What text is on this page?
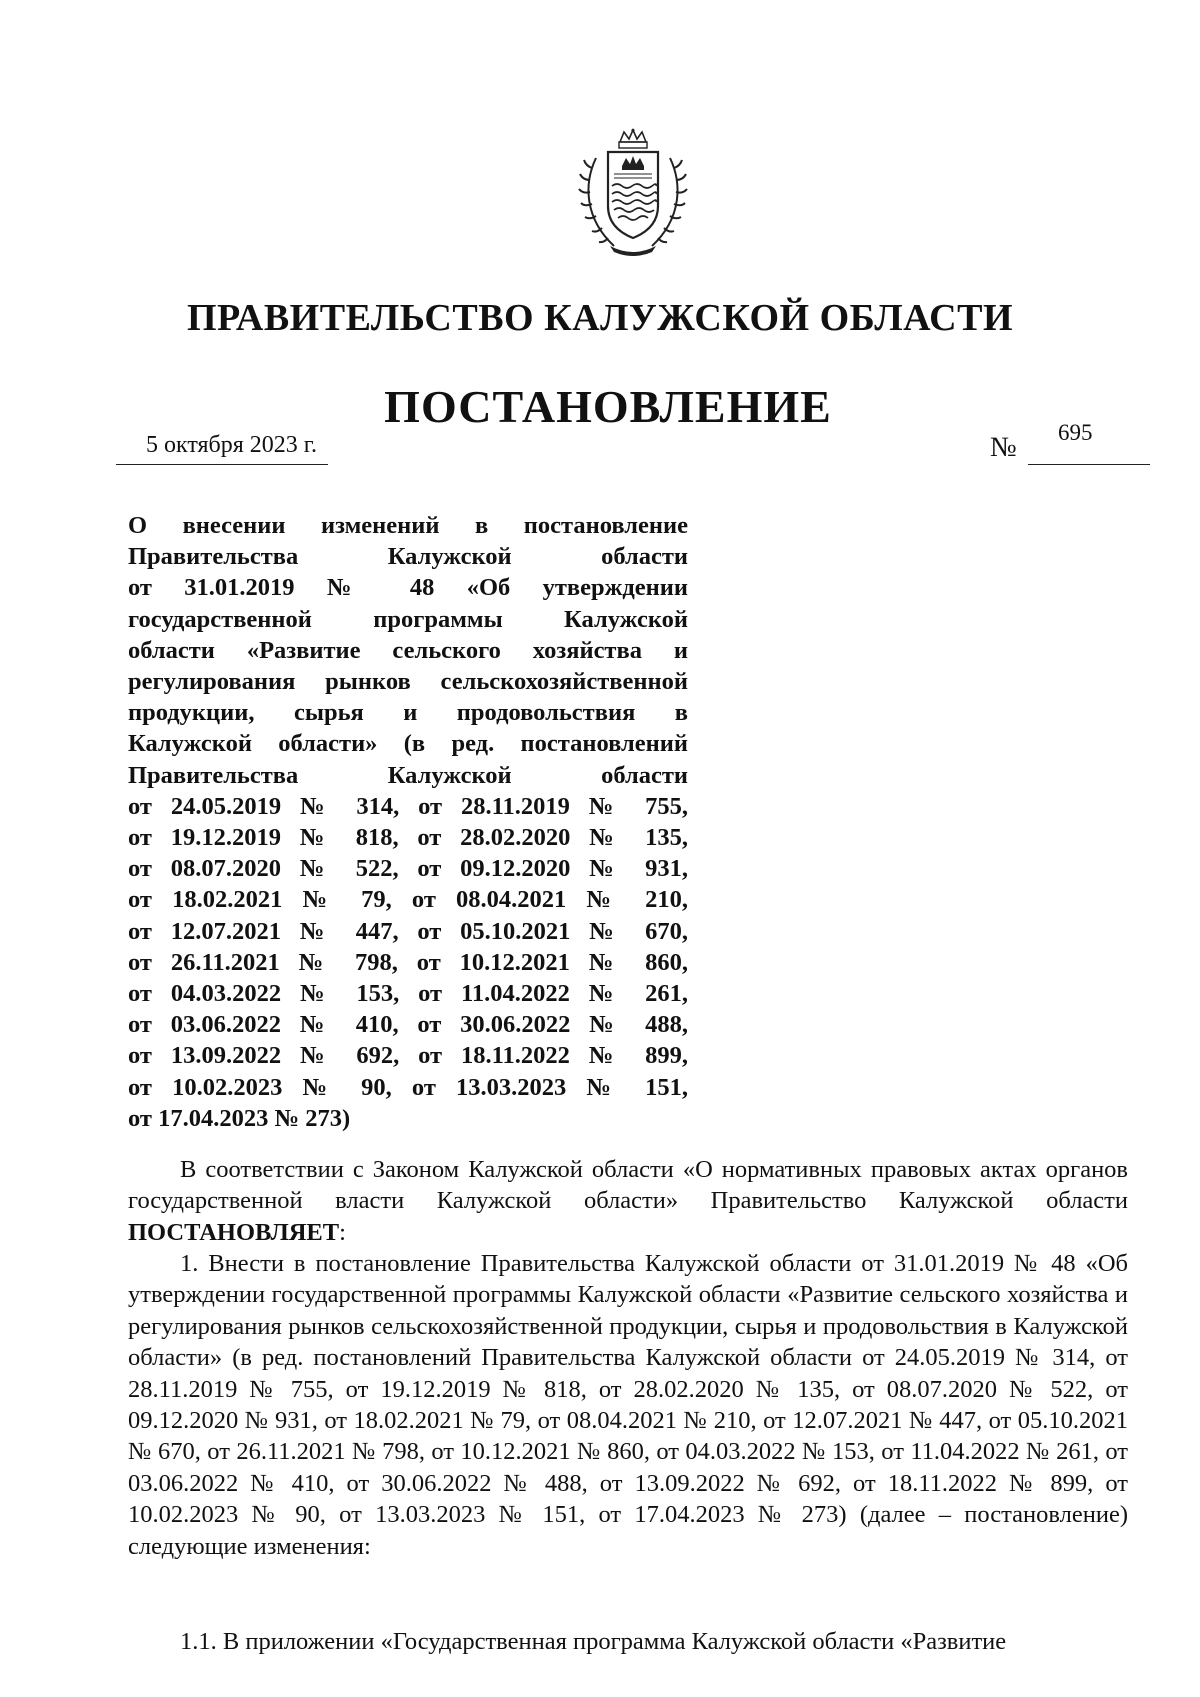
ПРАВИТЕЛЬСТВО КАЛУЖСКОЙ ОБЛАСТИ
ПОСТАНОВЛЕНИЕ
5 октября 2023 г.	№ 695
О внесении изменений в постановление
Правительства Калужской области
от 31.01.2019 № 48 «Об утверждении
государственной программы Калужской
области «Развитие сельского хозяйства и
регулирования рынков сельскохозяйственной
продукции, сырья и продовольствия в
Калужской области» (в ред. постановлений
Правительства Калужской области
от 24.05.2019 № 314, от 28.11.2019 № 755,
от 19.12.2019 № 818, от 28.02.2020 № 135,
от 08.07.2020 № 522, от 09.12.2020 № 931,
от 18.02.2021 № 79, от 08.04.2021 № 210,
от 12.07.2021 № 447, от 05.10.2021 № 670,
от 26.11.2021 № 798, от 10.12.2021 № 860,
от 04.03.2022 № 153, от 11.04.2022 № 261,
от 03.06.2022 № 410, от 30.06.2022 № 488,
от 13.09.2022 № 692, от 18.11.2022 № 899,
от 10.02.2023 № 90, от 13.03.2023 № 151,
от 17.04.2023 № 273)
В соответствии с Законом Калужской области «О нормативных правовых актах органов государственной власти Калужской области» Правительство Калужской области ПОСТАНОВЛЯЕТ:
1. Внести в постановление Правительства Калужской области от 31.01.2019 № 48 «Об утверждении государственной программы Калужской области «Развитие сельского хозяйства и регулирования рынков сельскохозяйственной продукции, сырья и продовольствия в Калужской области» (в ред. постановлений Правительства Калужской области от 24.05.2019 № 314, от 28.11.2019 № 755, от 19.12.2019 № 818, от 28.02.2020 № 135, от 08.07.2020 № 522, от 09.12.2020 № 931, от 18.02.2021 № 79, от 08.04.2021 № 210, от 12.07.2021 № 447, от 05.10.2021 № 670, от 26.11.2021 № 798, от 10.12.2021 № 860, от 04.03.2022 № 153, от 11.04.2022 № 261, от 03.06.2022 № 410, от 30.06.2022 № 488, от 13.09.2022 № 692, от 18.11.2022 № 899, от 10.02.2023 № 90, от 13.03.2023 № 151, от 17.04.2023 № 273) (далее – постановление) следующие изменения:
1.1. В приложении «Государственная программа Калужской области «Развитие
